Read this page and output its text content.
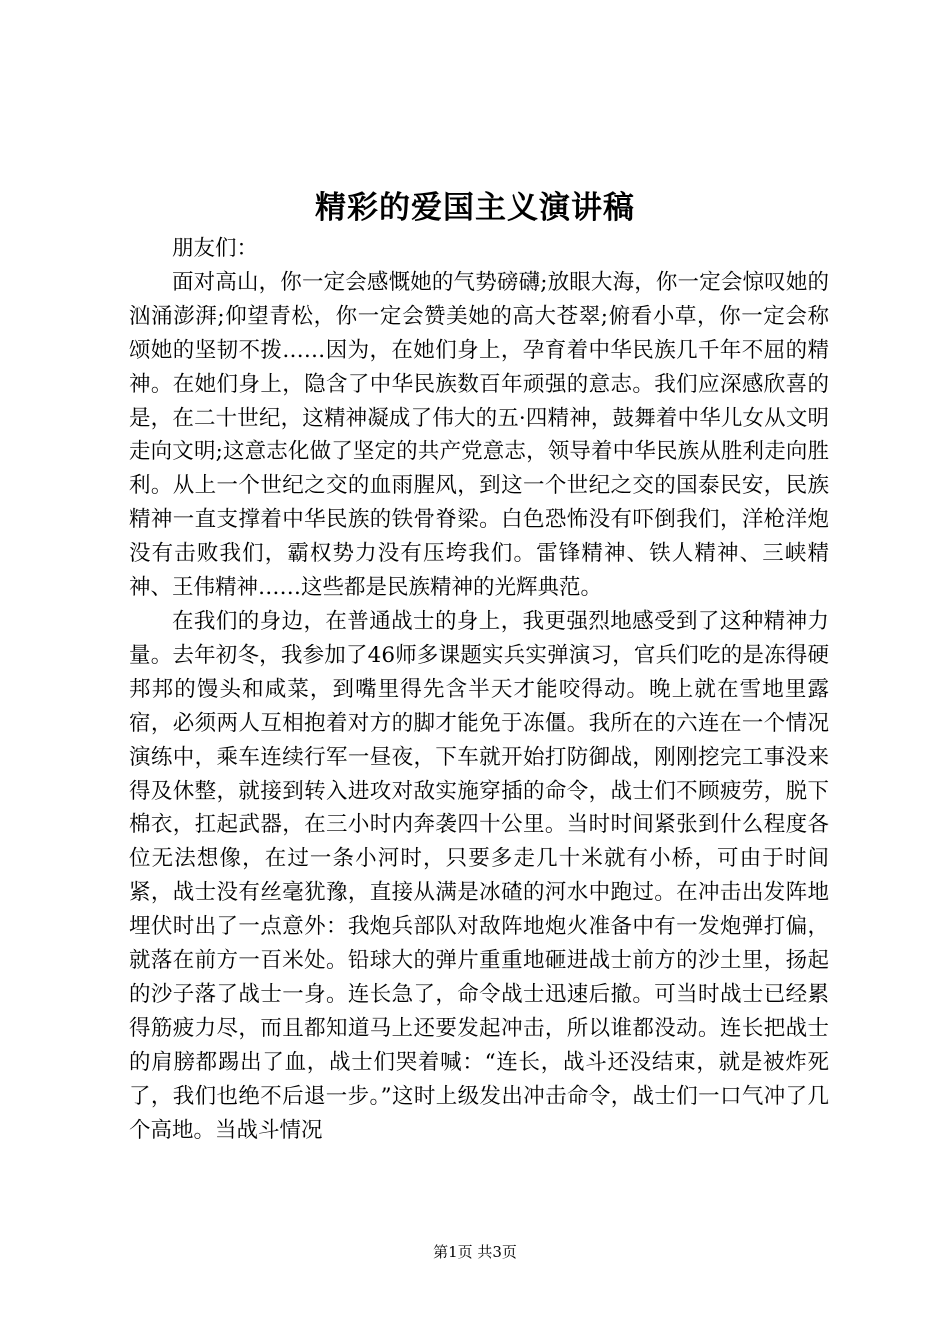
精彩的爱国主义演讲稿

朋友们：

面对高山，你一定会感慨她的气势磅礴;放眼大海，你一定会惊叹她的汹涌澎湃;仰望青松，你一定会赞美她的高大苍翠;俯看小草，你一定会称颂她的坚韧不拨……因为，在她们身上，孕育着中华民族几千年不屈的精神。在她们身上，隐含了中华民族数百年顽强的意志。我们应深感欣喜的是，在二十世纪，这精神凝成了伟大的五·四精神，鼓舞着中华儿女从文明走向文明;这意志化做了坚定的共产党意志，领导着中华民族从胜利走向胜利。从上一个世纪之交的血雨腥风，到这一个世纪之交的国泰民安，民族精神一直支撑着中华民族的铁骨脊梁。白色恐怖没有吓倒我们，洋枪洋炮没有击败我们，霸权势力没有压垮我们。雷锋精神、铁人精神、三峡精神、王伟精神……这些都是民族精神的光辉典范。

在我们的身边，在普通战士的身上，我更强烈地感受到了这种精神力量。去年初冬，我参加了46师多课题实兵实弹演习，官兵们吃的是冻得硬邦邦的馒头和咸菜，到嘴里得先含半天才能咬得动。晚上就在雪地里露宿，必须两人互相抱着对方的脚才能免于冻僵。我所在的六连在一个情况演练中，乘车连续行军一昼夜，下车就开始打防御战，刚刚挖完工事没来得及休整，就接到转入进攻对敌实施穿插的命令，战士们不顾疲劳，脱下棉衣，扛起武器，在三小时内奔袭四十公里。当时时间紧张到什么程度各位无法想像，在过一条小河时，只要多走几十米就有小桥，可由于时间紧，战士没有丝毫犹豫，直接从满是冰碴的河水中跑过。在冲击出发阵地埋伏时出了一点意外：我炮兵部队对敌阵地炮火准备中有一发炮弹打偏，就落在前方一百米处。铅球大的弹片重重地砸进战士前方的沙土里，扬起的沙子落了战士一身。连长急了，命令战士迅速后撤。可当时战士已经累得筋疲力尽，而且都知道马上还要发起冲击，所以谁都没动。连长把战士的肩膀都踢出了血，战士们哭着喊：“连长，战斗还没结束，就是被炸死了，我们也绝不后退一步。”这时上级发出冲击命令，战士们一口气冲了几个高地。当战斗情况

第1页 共3页
